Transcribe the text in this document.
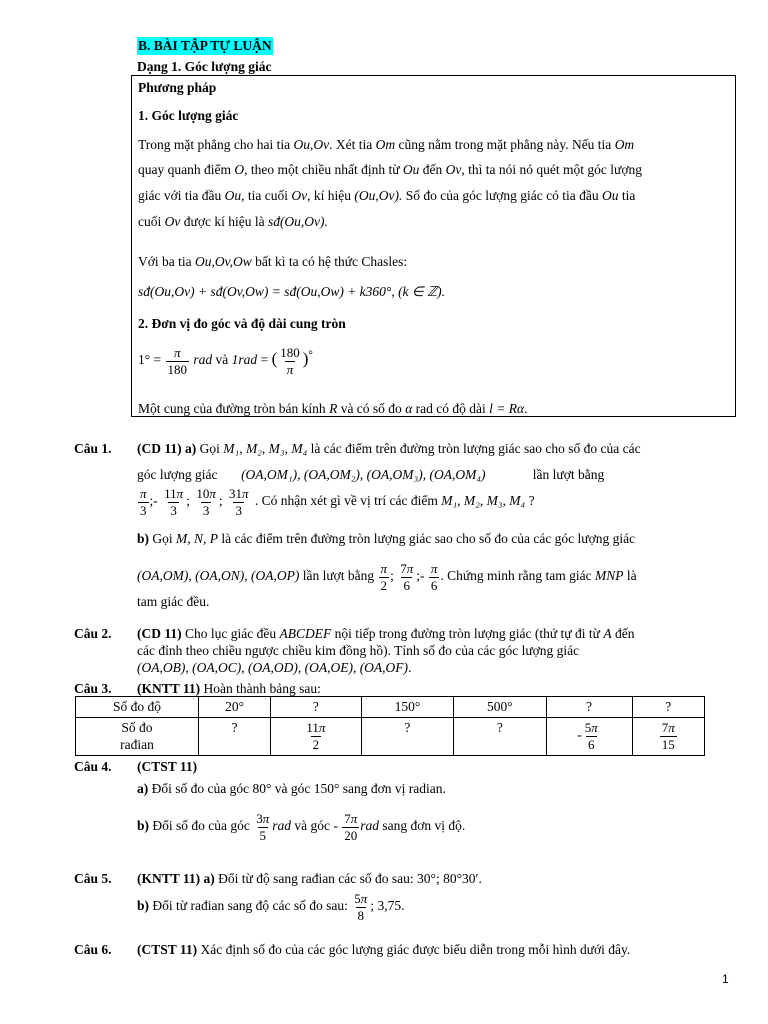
B. BÀI TẬP TỰ LUẬN
Dạng 1. Góc lượng giác
Phương pháp
1. Góc lượng giác
Trong mặt phẳng cho hai tia Ou,Ov. Xét tia Om cũng nằm trong mặt phẳng này. Nếu tia Om
quay quanh điểm O, theo một chiều nhất định từ Ou đến Ov, thì ta nói nó quét một góc lượng
giác với tia đầu Ou, tia cuối Ov, kí hiệu (Ou,Ov). Số đo của góc lượng giác có tia đầu Ou tia
cuối Ov được kí hiệu là sđ(Ou,Ov).
Với ba tia Ou,Ov,Ow bất kì ta có hệ thức Chasles:
sđ(Ou,Ov) + sđ(Ov,Ow) = sđ(Ou,Ow) + k360°, (k ∈ ℤ).
2. Đơn vị đo góc và độ dài cung tròn
$1^\circ = \frac{\pi}{180}$ rad và 1rad = ( $\frac{180}{\pi} )^\circ$
Một cung của đường tròn bán kính R và có số đo α rad có độ dài l = Rα.
Câu 1. (CD 11) a) Gọi M₁, M₂, M₃, M₄ là các điểm trên đường tròn lượng giác sao cho số đo của các
góc lượng giác (OA,OM₁), (OA,OM₂), (OA,OM₃), (OA,OM₄)	lần lượt bằng
$\frac{\pi}{3}$ ;- $\frac{11\pi}{3}$ ; $\frac{10\pi}{3}$ ; $\frac{31\pi}{3}$ . Có nhận xét gì về vị trí các điểm M₁, M₂, M₃, M₄ ?
b) Gọi M, N, P là các điểm trên đường tròn lượng giác sao cho số đo của các góc lượng giác
(OA,OM), (OA,ON), (OA,OP) lần lượt bằng $\frac{\pi}{2}$ ; $\frac{7\pi}{6}$ ;- $\frac{\pi}{6}$ . Chứng minh rằng tam giác MNP là
tam giác đều.
Câu 2. (CD 11) Cho lục giác đều ABCDEF nội tiếp trong đường tròn lượng giác (thứ tự đi từ A đến
các đỉnh theo chiều ngược chiều kim đồng hồ). Tính số đo của các góc lượng giác
(OA,OB), (OA,OC), (OA,OD), (OA,OE), (OA,OF).
Câu 3. (KNTT 11) Hoàn thành bảng sau:
Số đo độ	20°	?	150°	500°	?	?
Số đo
rađian	?	$\frac{11\pi}{2}$	?	?	- $\frac{5\pi}{6}$	$\frac{7\pi}{15}$
Câu 4. (CTST 11)
a) Đổi số đo của góc 80° và góc 150° sang đơn vị radian.
b) Đổi số đo của góc $\frac{3\pi}{5}$ rad và góc - $\frac{7\pi}{20}$ rad sang đơn vị độ.
Câu 5. (KNTT 11) a) Đổi từ độ sang rađian các số đo sau: 30°; 80°30′.
b) Đổi từ rađian sang độ các số đo sau: $\frac{5\pi}{8}$ ; 3,75.
Câu 6. (CTST 11) Xác định số đo của các góc lượng giác được biểu diễn trong mỗi hình dưới đây.
1
